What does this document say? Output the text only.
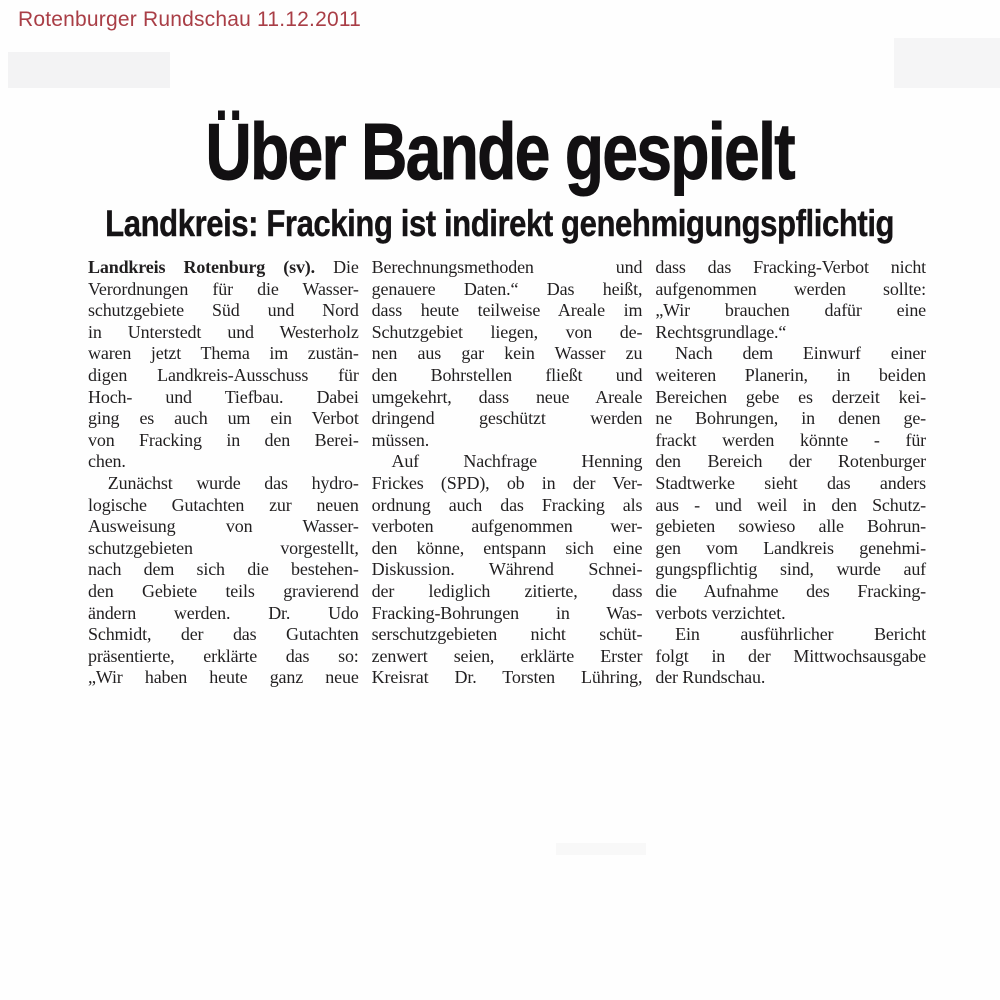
Rotenburger Rundschau 11.12.2011
Über Bande gespielt
Landkreis: Fracking ist indirekt genehmigungspflichtig
Landkreis Rotenburg (sv). Die
Verordnungen für die Wasser-
schutzgebiete Süd und Nord
in Unterstedt und Westerholz
waren jetzt Thema im zustän-
digen Landkreis-Ausschuss für
Hoch- und Tiefbau. Dabei
ging es auch um ein Verbot
von Fracking in den Berei-
chen.
Zunächst wurde das hydro-
logische Gutachten zur neuen
Ausweisung von Wasser-
schutzgebieten vorgestellt,
nach dem sich die bestehen-
den Gebiete teils gravierend
ändern werden. Dr. Udo
Schmidt, der das Gutachten
präsentierte, erklärte das so:
„Wir haben heute ganz neue
Berechnungsmethoden und
genauere Daten.“ Das heißt,
dass heute teilweise Areale im
Schutzgebiet liegen, von de-
nen aus gar kein Wasser zu
den Bohrstellen fließt und
umgekehrt, dass neue Areale
dringend geschützt werden
müssen.
Auf Nachfrage Henning
Frickes (SPD), ob in der Ver-
ordnung auch das Fracking als
verboten aufgenommen wer-
den könne, entspann sich eine
Diskussion. Während Schnei-
der lediglich zitierte, dass
Fracking-Bohrungen in Was-
serschutzgebieten nicht schüt-
zenwert seien, erklärte Erster
Kreisrat Dr. Torsten Lühring,
dass das Fracking-Verbot nicht
aufgenommen werden sollte:
„Wir brauchen dafür eine
Rechtsgrundlage.“
Nach dem Einwurf einer
weiteren Planerin, in beiden
Bereichen gebe es derzeit kei-
ne Bohrungen, in denen ge-
frackt werden könnte - für
den Bereich der Rotenburger
Stadtwerke sieht das anders
aus - und weil in den Schutz-
gebieten sowieso alle Bohrun-
gen vom Landkreis genehmi-
gungspflichtig sind, wurde auf
die Aufnahme des Fracking-
verbots verzichtet.
Ein ausführlicher Bericht
folgt in der Mittwochsausgabe
der Rundschau.
